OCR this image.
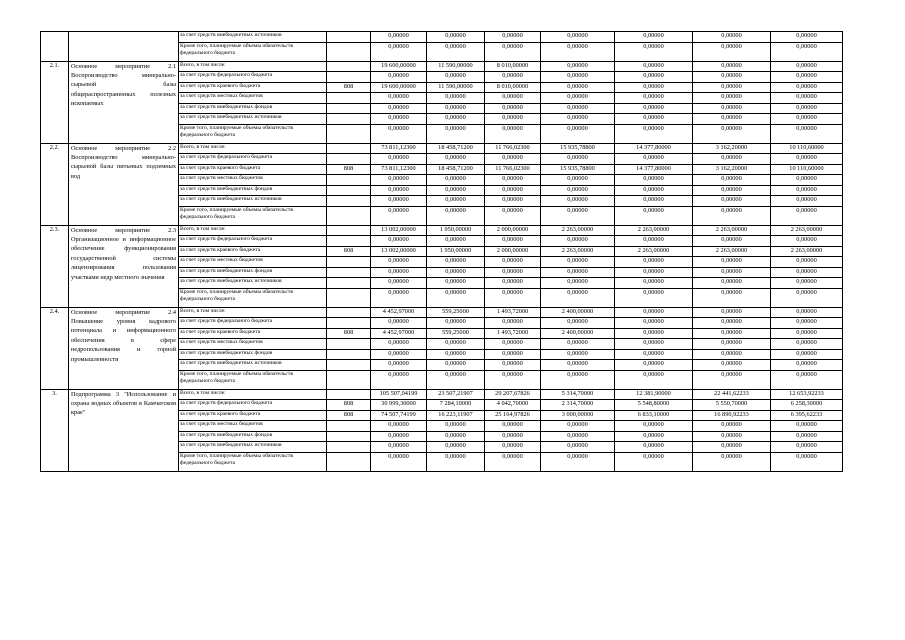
		за счет средств внебюджетных источников		0,00000	0,00000	0,00000	0,00000	0,00000	0,00000	0,00000
		Кроме того, планируемые объемы обязательств федерального бюджета		0,00000	0,00000	0,00000	0,00000	0,00000	0,00000	0,00000
2.1.	Основное мероприятие 2.1 Воспроизводство минерально-сырьевой базы общераспространенных полезных ископаемых	Всего, в том числе:		19 600,00000	11 590,00000	8 010,00000	0,00000	0,00000	0,00000	0,00000
		за счет средств федерального бюджета		0,00000	0,00000	0,00000	0,00000	0,00000	0,00000	0,00000
		за счет средств краевого бюджета	808	19 600,00000	11 590,00000	8 010,00000	0,00000	0,00000	0,00000	0,00000
		за счет средств местных бюджетов		0,00000	0,00000	0,00000	0,00000	0,00000	0,00000	0,00000
		за счет средств внебюджетных фондов		0,00000	0,00000	0,00000	0,00000	0,00000	0,00000	0,00000
		за счет средств внебюджетных источников		0,00000	0,00000	0,00000	0,00000	0,00000	0,00000	0,00000
		Кроме того, планируемые объемы обязательств федерального бюджета		0,00000	0,00000	0,00000	0,00000	0,00000	0,00000	0,00000
2.2.	Основное мероприятие 2.2 Воспроизводство минерально-сырьевой базы питьевых подземных вод	Всего, в том числе:		73 811,12300	18 458,71200	11 766,02300	15 935,78800	14 377,80000	3 162,20000	10 110,60000
		за счет средств федерального бюджета		0,00000	0,00000	0,00000	0,00000	0,00000	0,00000	0,00000
		за счет средств краевого бюджета	808	73 811,12300	18 458,71200	11 766,02300	15 935,78800	14 377,80000	3 162,20000	10 110,60000
		за счет средств местных бюджетов		0,00000	0,00000	0,00000	0,00000	0,00000	0,00000	0,00000
		за счет средств внебюджетных фондов		0,00000	0,00000	0,00000	0,00000	0,00000	0,00000	0,00000
		за счет средств внебюджетных источников		0,00000	0,00000	0,00000	0,00000	0,00000	0,00000	0,00000
		Кроме того, планируемые объемы обязательств федерального бюджета		0,00000	0,00000	0,00000	0,00000	0,00000	0,00000	0,00000
2.3.	Основное мероприятие 2.3 Организационное и информационное обеспечение функционирования государственной системы лицензирования пользования участками недр местного значения	Всего, в том числе:		13 002,00000	1 950,00000	2 000,00000	2 263,00000	2 263,00000	2 263,00000	2 263,00000
		за счет средств федерального бюджета		0,00000	0,00000	0,00000	0,00000	0,00000	0,00000	0,00000
		за счет средств краевого бюджета	808	13 002,00000	1 950,00000	2 000,00000	2 263,00000	2 263,00000	2 263,00000	2 263,00000
		за счет средств местных бюджетов		0,00000	0,00000	0,00000	0,00000	0,00000	0,00000	0,00000
		за счет средств внебюджетных фондов		0,00000	0,00000	0,00000	0,00000	0,00000	0,00000	0,00000
		за счет средств внебюджетных источников		0,00000	0,00000	0,00000	0,00000	0,00000	0,00000	0,00000
		Кроме того, планируемые объемы обязательств федерального бюджета		0,00000	0,00000	0,00000	0,00000	0,00000	0,00000	0,00000
2.4.	Основное мероприятие 2.4 Повышение уровня кадрового потенциала и информационного обеспечения в сфере недропользования и горной промышленности	Всего, в том числе:		4 452,97000	559,25000	1 493,72000	2 400,00000	0,00000	0,00000	0,00000
		за счет средств федерального бюджета		0,00000	0,00000	0,00000	0,00000	0,00000	0,00000	0,00000
		за счет средств краевого бюджета	808	4 452,97000	559,25000	1 493,72000	2 400,00000	0,00000	0,00000	0,00000
		за счет средств местных бюджетов		0,00000	0,00000	0,00000	0,00000	0,00000	0,00000	0,00000
		за счет средств внебюджетных фондов		0,00000	0,00000	0,00000	0,00000	0,00000	0,00000	0,00000
		за счет средств внебюджетных источников		0,00000	0,00000	0,00000	0,00000	0,00000	0,00000	0,00000
		Кроме того, планируемые объемы обязательств федерального бюджета		0,00000	0,00000	0,00000	0,00000	0,00000	0,00000	0,00000
3.	Подпрограмма 3 "Использование и охрана водных объектов в Камчатском крае"	Всего, в том числе:		105 507,04199	23 507,21907	29 207,67826	5 314,70000	12 381,90000	22 441,62233	12 653,92233
		за счет средств федерального бюджета	808	30 999,30000	7 284,10000	4 042,70000	2 314,70000	5 548,80000	5 550,70000	6 258,30000
		за счет средств краевого бюджета	808	74 507,74199	16 223,11907	25 164,97826	3 000,00000	6 833,10000	16 890,92233	6 395,62233
		за счет средств местных бюджетов		0,00000	0,00000	0,00000	0,00000	0,00000	0,00000	0,00000
		за счет средств внебюджетных фондов		0,00000	0,00000	0,00000	0,00000	0,00000	0,00000	0,00000
		за счет средств внебюджетных источников		0,00000	0,00000	0,00000	0,00000	0,00000	0,00000	0,00000
		Кроме того, планируемые объемы обязательств федерального бюджета		0,00000	0,00000	0,00000	0,00000	0,00000	0,00000	0,00000
